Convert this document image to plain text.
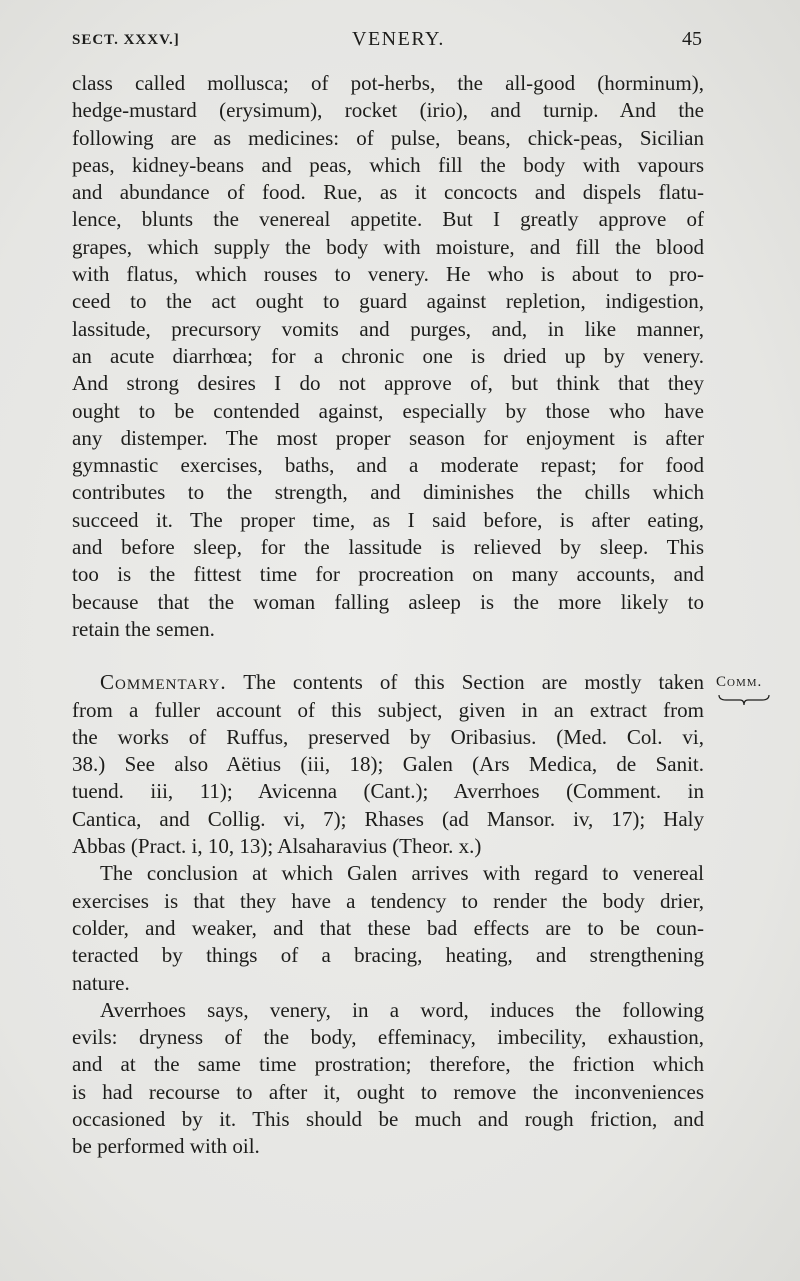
SECT. XXXV.]	VENERY.	45

class called mollusca; of pot-herbs, the all-good (horminum),

hedge-mustard (erysimum), rocket (irio), and turnip. And the

following are as medicines: of pulse, beans, chick-peas, Sicilian

peas, kidney-beans and peas, which fill the body with vapours

and abundance of food. Rue, as it concocts and dispels flatu-

lence, blunts the venereal appetite. But I greatly approve of

grapes, which supply the body with moisture, and fill the blood

with flatus, which rouses to venery. He who is about to pro-

ceed to the act ought to guard against repletion, indigestion,

lassitude, precursory vomits and purges, and, in like manner,

an acute diarrhœa; for a chronic one is dried up by venery.

And strong desires I do not approve of, but think that they

ought to be contended against, especially by those who have

any distemper. The most proper season for enjoyment is after

gymnastic exercises, baths, and a moderate repast; for food

contributes to the strength, and diminishes the chills which

succeed it. The proper time, as I said before, is after eating,

and before sleep, for the lassitude is relieved by sleep. This

too is the fittest time for procreation on many accounts, and

because that the woman falling asleep is the more likely to

retain the semen.

Commentary. The contents of this Section are mostly taken

from a fuller account of this subject, given in an extract from

the works of Ruffus, preserved by Oribasius. (Med. Col. vi,

38.) See also Aëtius (iii, 18); Galen (Ars Medica, de Sanit.

tuend. iii, 11); Avicenna (Cant.); Averrhoes (Comment. in

Cantica, and Collig. vi, 7); Rhases (ad Mansor. iv, 17); Haly

Abbas (Pract. i, 10, 13); Alsaharavius (Theor. x.)

The conclusion at which Galen arrives with regard to venereal

exercises is that they have a tendency to render the body drier,

colder, and weaker, and that these bad effects are to be coun-

teracted by things of a bracing, heating, and strengthening

nature.

Averrhoes says, venery, in a word, induces the following

evils: dryness of the body, effeminacy, imbecility, exhaustion,

and at the same time prostration; therefore, the friction which

is had recourse to after it, ought to remove the inconveniences

occasioned by it. This should be much and rough friction, and

be performed with oil.

Comm.
